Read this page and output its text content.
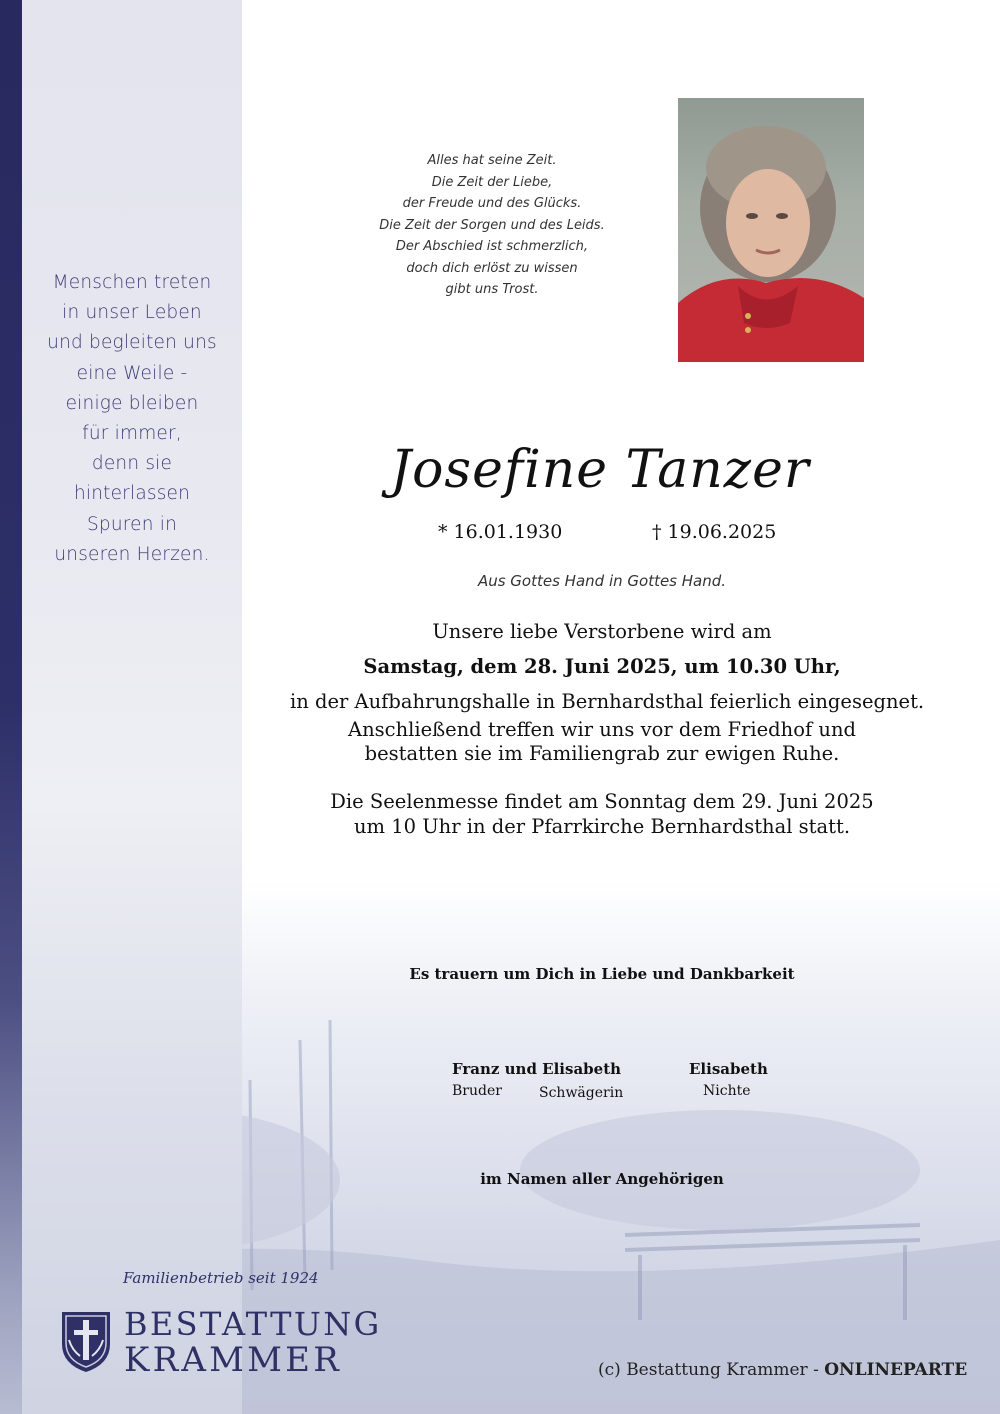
Menschen treten
in unser Leben
und begleiten uns
eine Weile -
einige bleiben
für immer,
denn sie
hinterlassen
Spuren in
unseren Herzen.
Alles hat seine Zeit.
Die Zeit der Liebe,
der Freude und des Glücks.
Die Zeit der Sorgen und des Leids.
Der Abschied ist schmerzlich,
doch dich erlöst zu wissen
gibt uns Trost.
Josefine Tanzer
* 16.01.1930	† 19.06.2025
Aus Gottes Hand in Gottes Hand.
Unsere liebe Verstorbene wird am
Samstag, dem 28. Juni 2025, um 10.30 Uhr,
in der Aufbahrungshalle in Bernhardsthal feierlich eingesegnet.
Anschließend treffen wir uns vor dem Friedhof und
bestatten sie im Familiengrab zur ewigen Ruhe.
Die Seelenmesse findet am Sonntag dem 29. Juni 2025
um 10 Uhr in der Pfarrkirche Bernhardsthal statt.
Es trauern um Dich in Liebe und Dankbarkeit
Franz und Elisabeth	Elisabeth
Bruder	Schwägerin	Nichte
im Namen aller Angehörigen
Familienbetrieb seit 1924
BESTATTUNG
KRAMMER	(c) Bestattung Krammer - ONLINEPARTE
